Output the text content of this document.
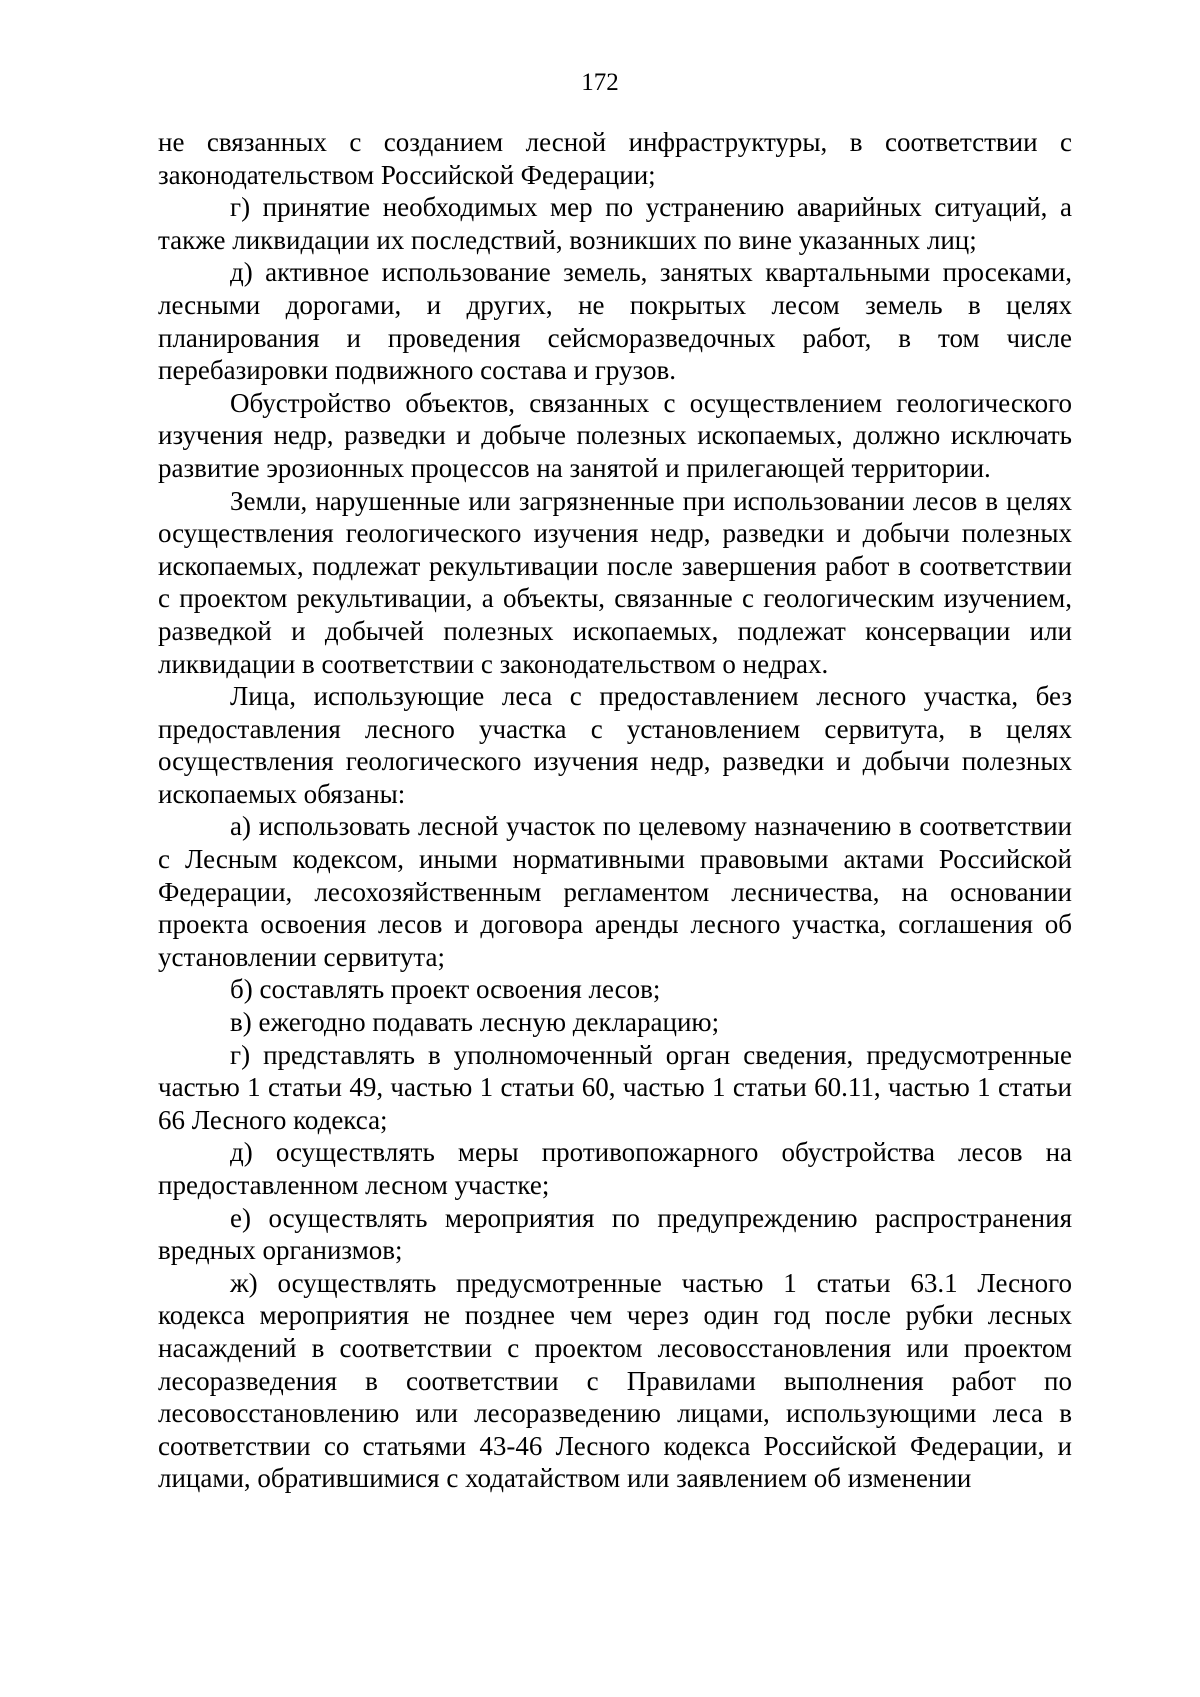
172

не связанных с созданием лесной инфраструктуры, в соответствии с законодательством Российской Федерации;

г) принятие необходимых мер по устранению аварийных ситуаций, а также ликвидации их последствий, возникших по вине указанных лиц;

д) активное использование земель, занятых квартальными просеками, лесными дорогами, и других, не покрытых лесом земель в целях планирования и проведения сейсморазведочных работ, в том числе перебазировки подвижного состава и грузов.

Обустройство объектов, связанных с осуществлением геологического изучения недр, разведки и добыче полезных ископаемых, должно исключать развитие эрозионных процессов на занятой и прилегающей территории.

Земли, нарушенные или загрязненные при использовании лесов в целях осуществления геологического изучения недр, разведки и добычи полезных ископаемых, подлежат рекультивации после завершения работ в соответствии с проектом рекультивации, а объекты, связанные с геологическим изучением, разведкой и добычей полезных ископаемых, подлежат консервации или ликвидации в соответствии с законодательством о недрах.

Лица, использующие леса с предоставлением лесного участка, без предоставления лесного участка с установлением сервитута, в целях осуществления геологического изучения недр, разведки и добычи полезных ископаемых обязаны:

а) использовать лесной участок по целевому назначению в соответствии с Лесным кодексом, иными нормативными правовыми актами Российской Федерации, лесохозяйственным регламентом лесничества, на основании проекта освоения лесов и договора аренды лесного участка, соглашения об установлении сервитута;

б) составлять проект освоения лесов;

в) ежегодно подавать лесную декларацию;

г) представлять в уполномоченный орган сведения, предусмотренные частью 1 статьи 49, частью 1 статьи 60, частью 1 статьи 60.11, частью 1 статьи 66 Лесного кодекса;

д) осуществлять меры противопожарного обустройства лесов на предоставленном лесном участке;

е) осуществлять мероприятия по предупреждению распространения вредных организмов;

ж) осуществлять предусмотренные частью 1 статьи 63.1 Лесного кодекса мероприятия не позднее чем через один год после рубки лесных насаждений в соответствии с проектом лесовосстановления или проектом лесоразведения в соответствии с Правилами выполнения работ по лесовосстановлению или лесоразведению лицами, использующими леса в соответствии со статьями 43-46 Лесного кодекса Российской Федерации, и лицами, обратившимися с ходатайством или заявлением об изменении
